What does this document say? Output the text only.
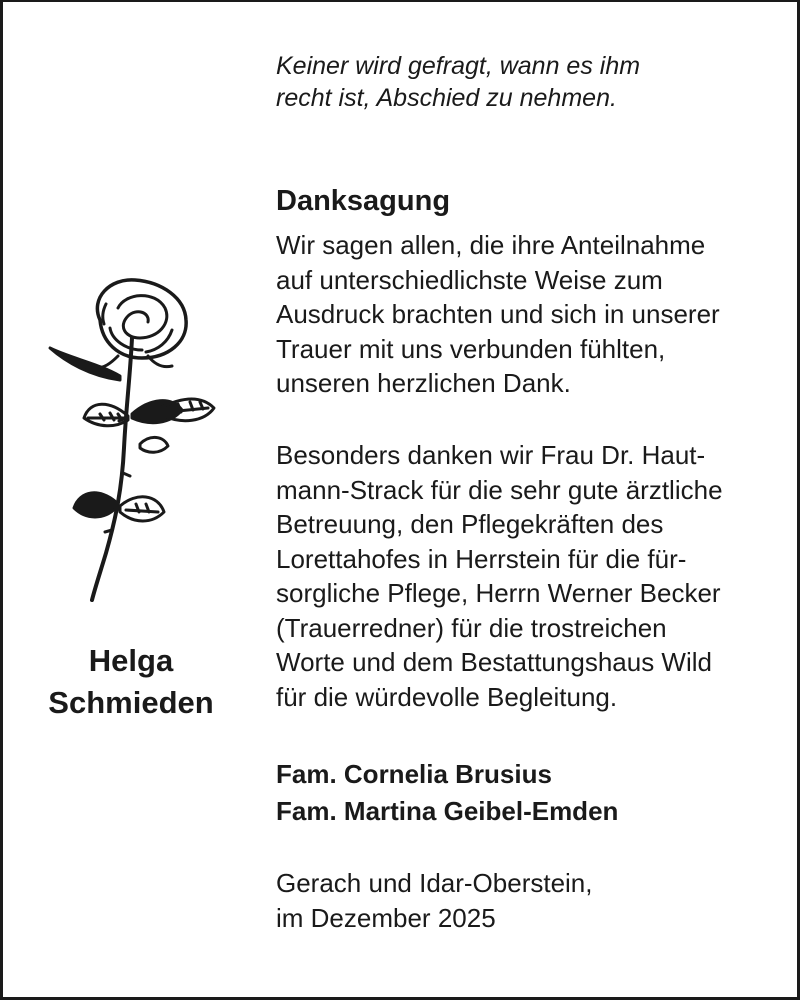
Keiner wird gefragt, wann es ihm
recht ist, Abschied zu nehmen.
Danksagung
Wir sagen allen, die ihre Anteilnahme
auf unterschiedlichste Weise zum
Ausdruck brachten und sich in unserer
Trauer mit uns verbunden fühlten,
unseren herzlichen Dank.
Besonders danken wir Frau Dr. Haut-
mann-Strack für die sehr gute ärztliche
Betreuung, den Pflegekräften des
Lorettahofes in Herrstein für die für-
sorgliche Pflege, Herrn Werner Becker
(Trauerredner) für die trostreichen
Worte und dem Bestattungshaus Wild
für die würdevolle Begleitung.
Fam. Cornelia Brusius
Fam. Martina Geibel-Emden
Gerach und Idar-Oberstein,
im Dezember 2025
Helga
Schmieden
